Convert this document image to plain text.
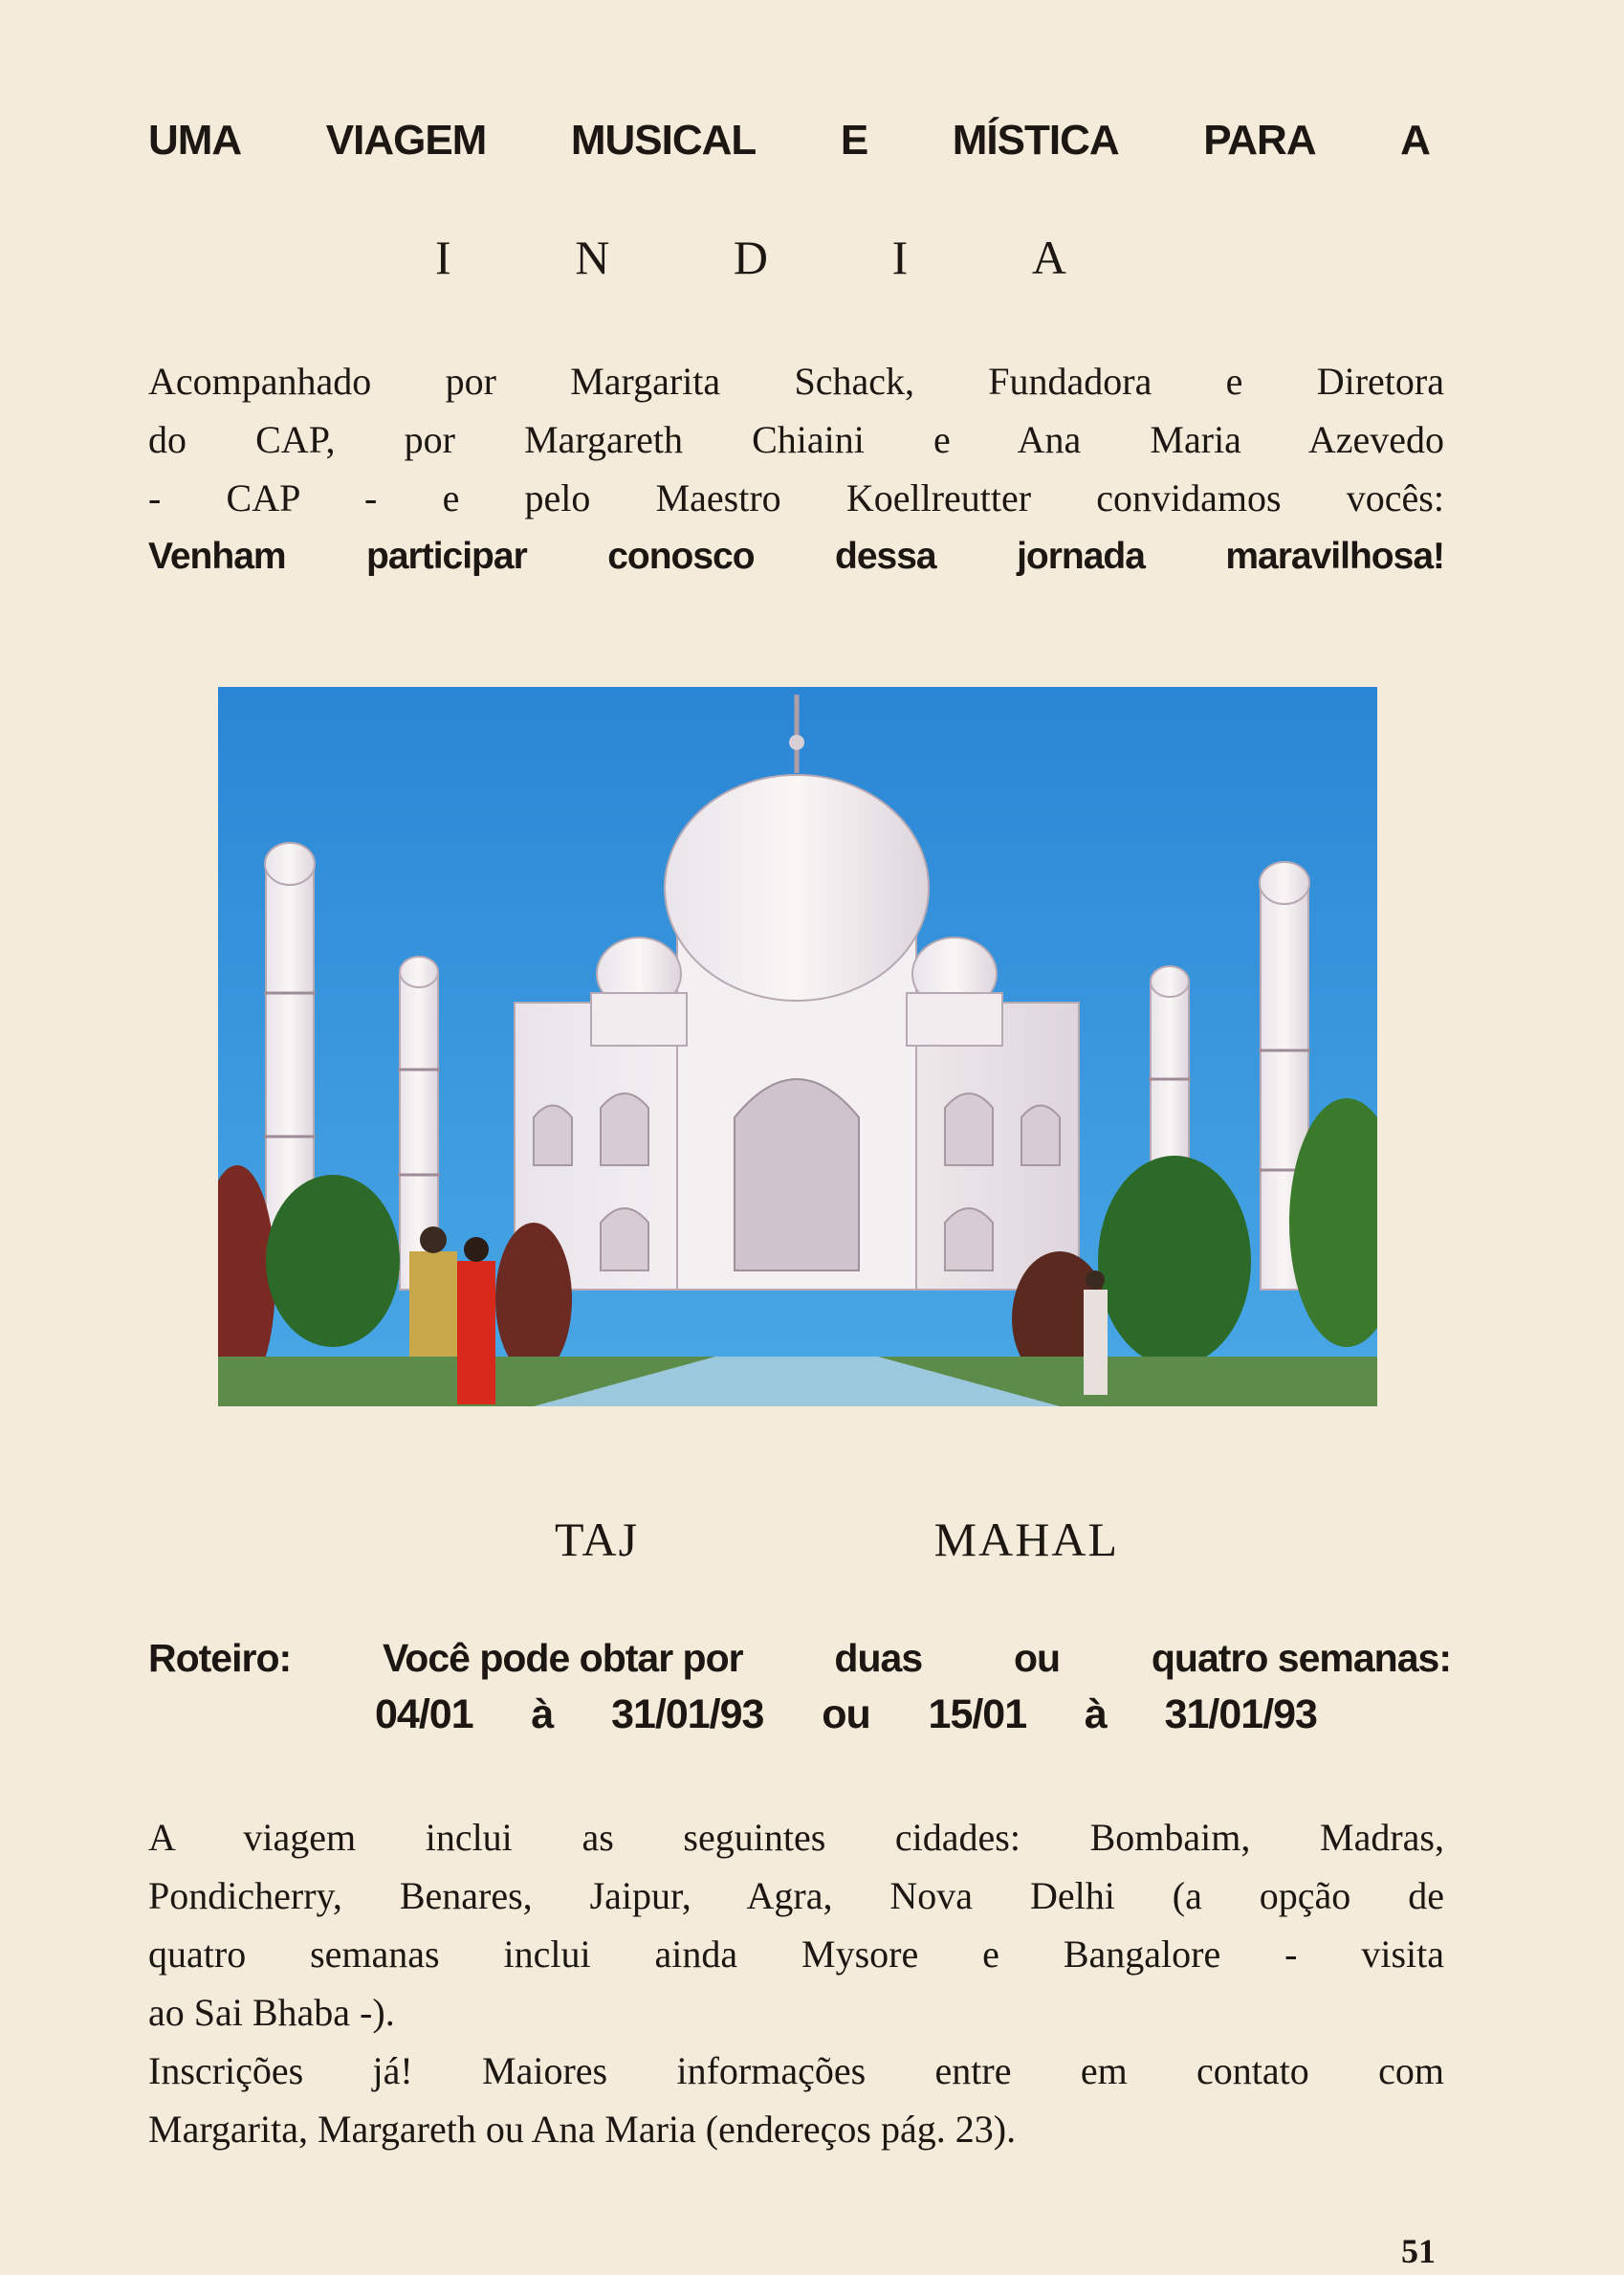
UMA VIAGEM MUSICAL E MÍSTICA PARA A
I	N	D	I	A
Acompanhado por Margarita Schack, Fundadora e Diretora
do CAP, por Margareth Chiaini e Ana Maria Azevedo
- CAP - e pelo Maestro Koellreutter convidamos vocês:
Venham participar conosco dessa jornada maravilhosa!
TAJ	MAHAL
Roteiro: Você pode obtar por duas ou quatro semanas:
04/01 à 31/01/93 ou 15/01 à 31/01/93
A viagem inclui as seguintes cidades: Bombaim, Madras,
Pondicherry, Benares, Jaipur, Agra, Nova Delhi (a opção de
quatro semanas inclui ainda Mysore e Bangalore - visita
ao Sai Bhaba -).
Inscrições já! Maiores informações entre em contato com
Margarita, Margareth ou Ana Maria (endereços pág. 23).
51
